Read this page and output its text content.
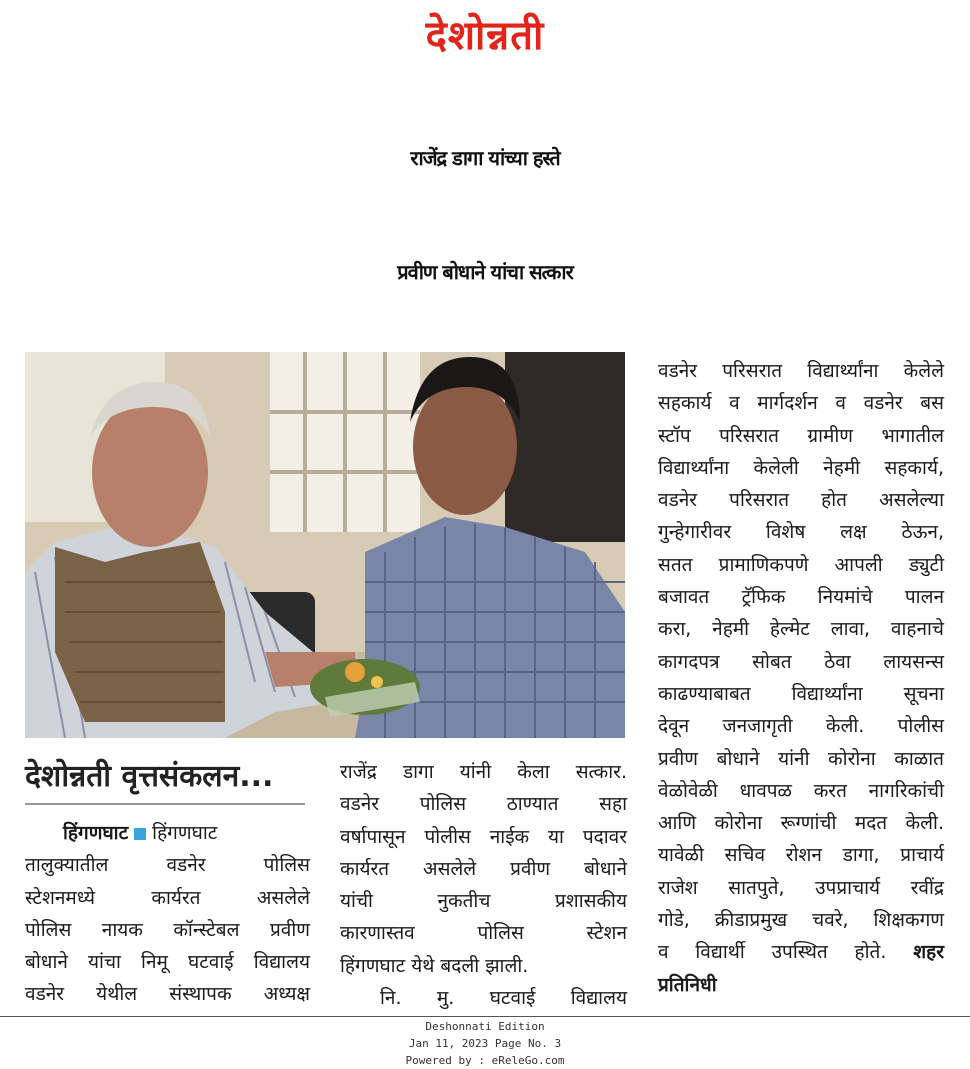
देशोन्नती
राजेंद्र डागा यांच्या हस्ते
प्रवीण बोधाने यांचा सत्कार
देशोन्नती वृत्तसंकलन...
हिंगणघाट हिंगणघाट
तालुक्यातील वडनेर पोलिस
स्टेशनमध्ये कार्यरत असलेले
पोलिस नायक कॉन्स्टेबल प्रवीण
बोधाने यांचा निमू घटवाई विद्यालय
वडनेर येथील संस्थापक अध्यक्ष
राजेंद्र डागा यांनी केला सत्कार.
वडनेर पोलिस ठाण्यात सहा
वर्षापासून पोलीस नाईक या पदावर
कार्यरत असलेले प्रवीण बोधाने
यांची नुकतीच प्रशासकीय
कारणास्तव पोलिस स्टेशन
हिंगणघाट येथे बदली झाली.
नि. मु. घटवाई विद्यालय
वडनेर परिसरात विद्यार्थ्यांना केलेले
सहकार्य व मार्गदर्शन व वडनेर बस
स्टॉप परिसरात ग्रामीण भागातील
विद्यार्थ्यांना केलेली नेहमी सहकार्य,
वडनेर परिसरात होत असलेल्या
गुन्हेगारीवर विशेष लक्ष ठेऊन,
सतत प्रामाणिकपणे आपली ड्युटी
बजावत ट्रॅफिक नियमांचे पालन
करा, नेहमी हेल्मेट लावा, वाहनाचे
कागदपत्र सोबत ठेवा लायसन्स
काढण्याबाबत विद्यार्थ्यांना सूचना
देवून जनजागृती केली. पोलीस
प्रवीण बोधाने यांनी कोरोना काळात
वेळोवेळी धावपळ करत नागरिकांची
आणि कोरोना रूग्णांची मदत केली.
यावेळी सचिव रोशन डागा, प्राचार्य
राजेश सातपुते, उपप्राचार्य रवींद्र
गोडे, क्रीडाप्रमुख चवरे, शिक्षकगण
व विद्यार्थी उपस्थित होते. शहर
प्रतिनिधी
Deshonnati Edition
Jan 11, 2023 Page No. 3
Powered by : eReleGo.com
